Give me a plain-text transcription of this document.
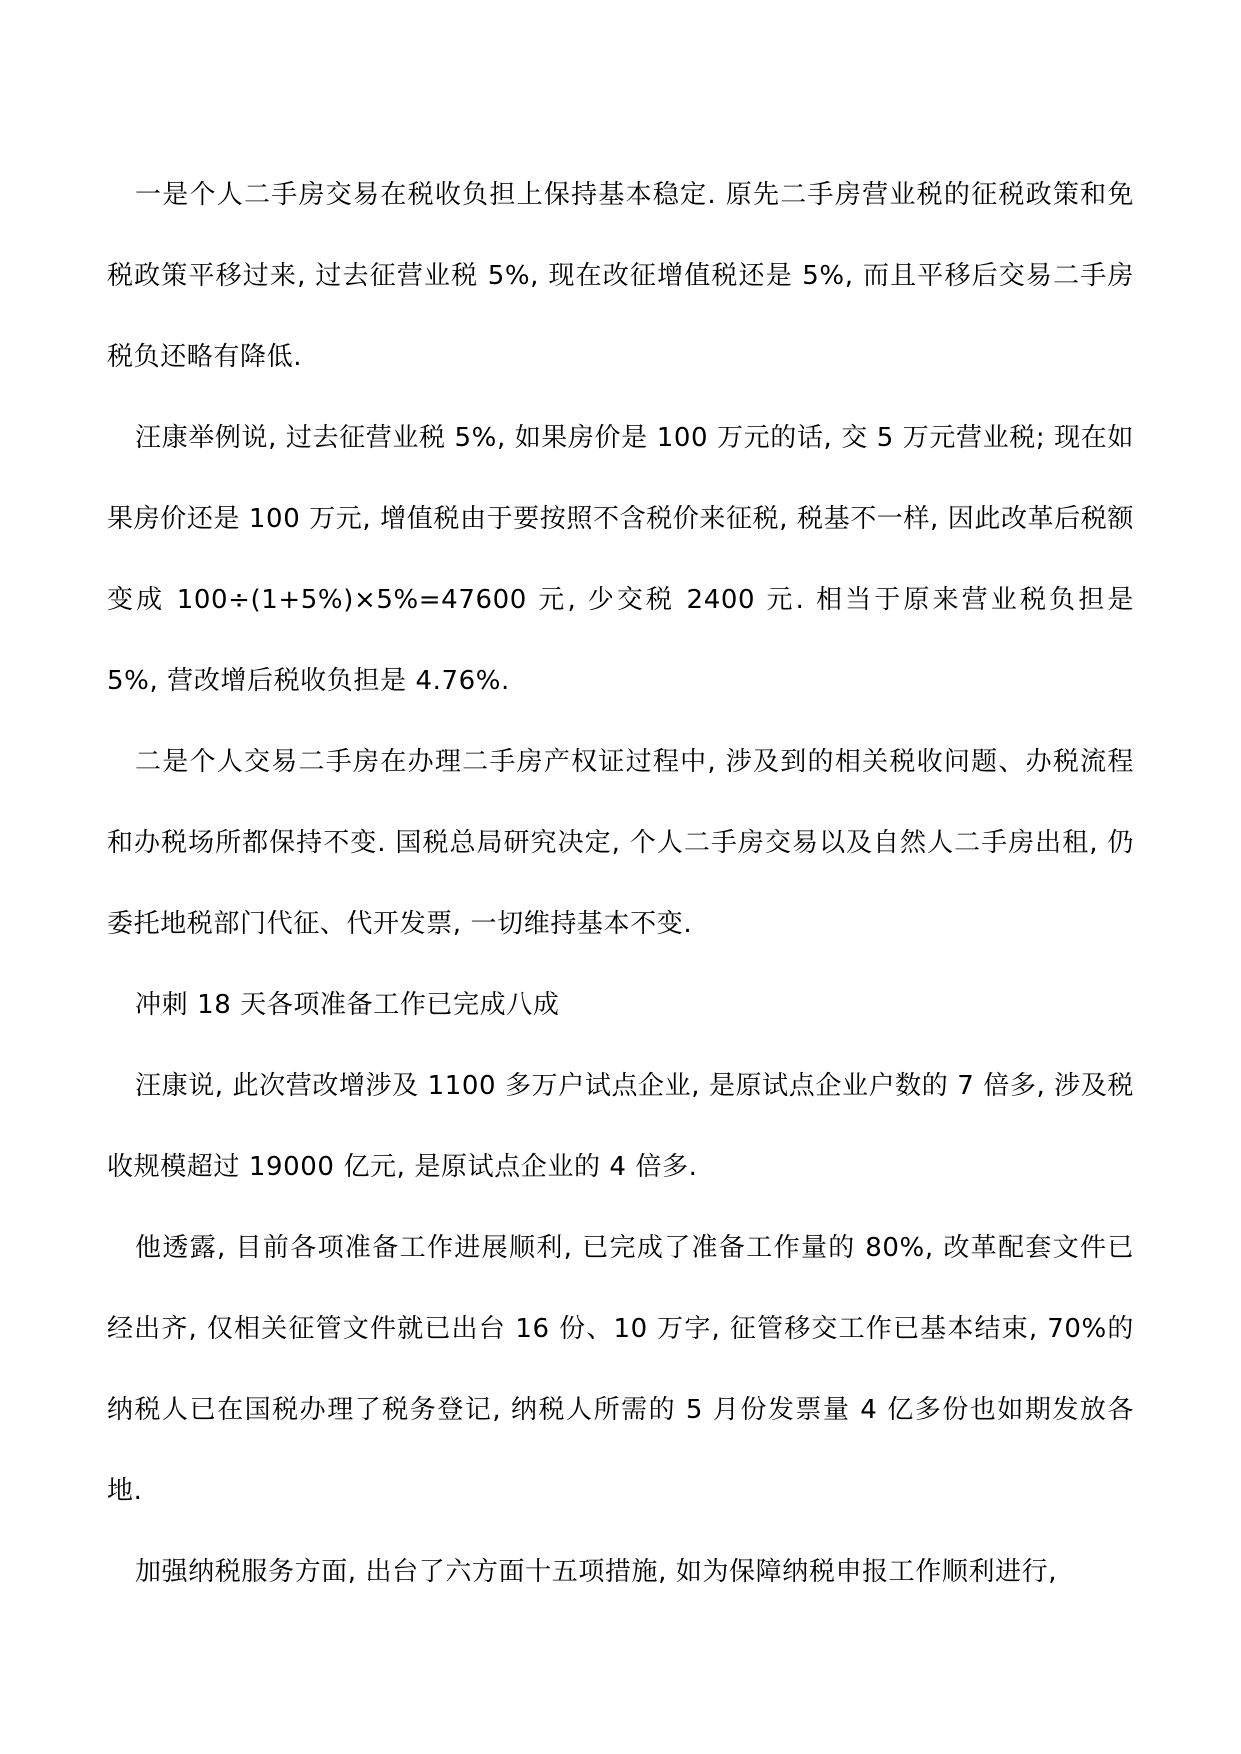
一是个人二手房交易在税收负担上保持基本稳定. 原先二手房营业税的征税政策和免税政策平移过来, 过去征营业税 5%, 现在改征增值税还是 5%, 而且平移后交易二手房税负还略有降低.

汪康举例说, 过去征营业税 5%, 如果房价是 100 万元的话, 交 5 万元营业税; 现在如果房价还是 100 万元, 增值税由于要按照不含税价来征税, 税基不一样, 因此改革后税额变成 100÷(1+5%)×5%=47600 元, 少交税 2400 元. 相当于原来营业税负担是 5%, 营改增后税收负担是 4.76%.

二是个人交易二手房在办理二手房产权证过程中, 涉及到的相关税收问题、办税流程和办税场所都保持不变. 国税总局研究决定, 个人二手房交易以及自然人二手房出租, 仍委托地税部门代征、代开发票, 一切维持基本不变.

冲刺 18 天各项准备工作已完成八成

汪康说, 此次营改增涉及 1100 多万户试点企业, 是原试点企业户数的 7 倍多, 涉及税收规模超过 19000 亿元, 是原试点企业的 4 倍多.

他透露, 目前各项准备工作进展顺利, 已完成了准备工作量的 80%, 改革配套文件已经出齐, 仅相关征管文件就已出台 16 份、10 万字, 征管移交工作已基本结束, 70%的纳税人已在国税办理了税务登记, 纳税人所需的 5 月份发票量 4 亿多份也如期发放各地.

加强纳税服务方面, 出台了六方面十五项措施, 如为保障纳税申报工作顺利进行,
